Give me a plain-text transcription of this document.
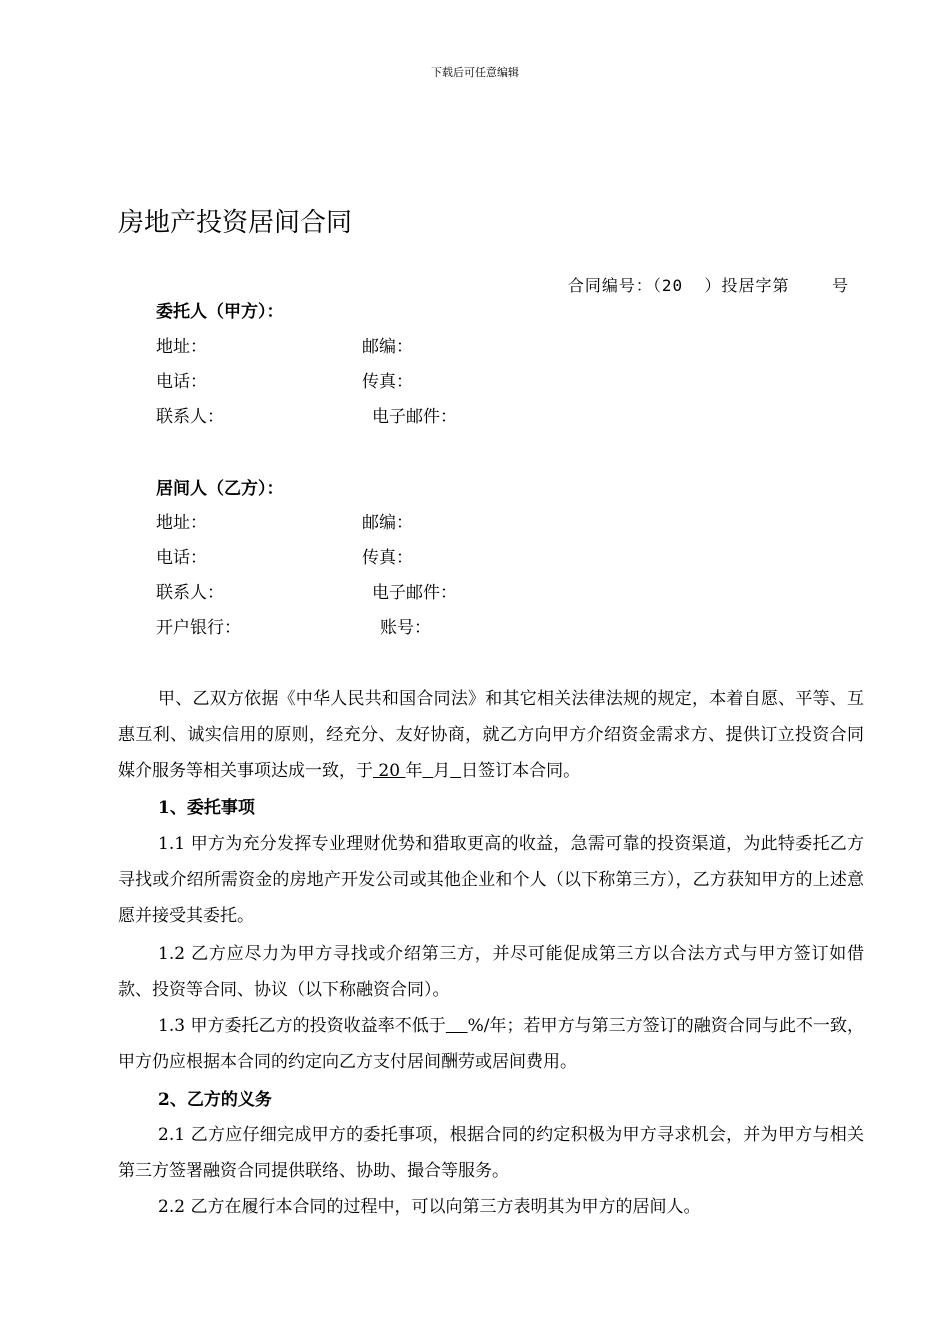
下载后可任意编辑
房地产投资居间合同
合同编号：（20  ）投居字第    号
委托人（甲方）：
地址：	邮编：
电话：	传真：
联系人：	电子邮件：
居间人（乙方）：
地址：	邮编：
电话：	传真：
联系人：	电子邮件：
开户银行：	账号：

甲、乙双方依据《中华人民共和国合同法》和其它相关法律法规的规定，本着自愿、平等、互惠互利、诚实信用的原则，经充分、友好协商，就乙方向甲方介绍资金需求方、提供订立投资合同媒介服务等相关事项达成一致，于 20 年 月 日签订本合同。

1、委托事项

1.1 甲方为充分发挥专业理财优势和猎取更高的收益，急需可靠的投资渠道，为此特委托乙方寻找或介绍所需资金的房地产开发公司或其他企业和个人（以下称第三方），乙方获知甲方的上述意愿并接受其委托。

1.2 乙方应尽力为甲方寻找或介绍第三方，并尽可能促成第三方以合法方式与甲方签订如借款、投资等合同、协议（以下称融资合同）。

1.3 甲方委托乙方的投资收益率不低于 %/年；若甲方与第三方签订的融资合同与此不一致，甲方仍应根据本合同的约定向乙方支付居间酬劳或居间费用。

2、乙方的义务

2.1 乙方应仔细完成甲方的委托事项，根据合同的约定积极为甲方寻求机会，并为甲方与相关第三方签署融资合同提供联络、协助、撮合等服务。

2.2 乙方在履行本合同的过程中，可以向第三方表明其为甲方的居间人。
